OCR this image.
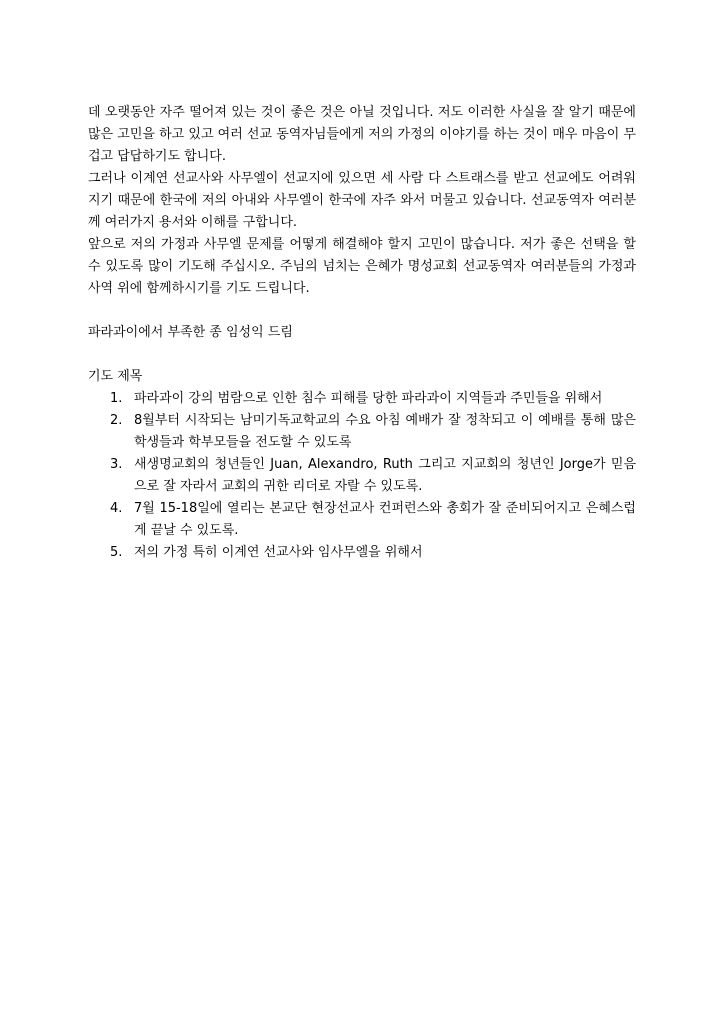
데 오랫동안 자주 떨어져 있는 것이 좋은 것은 아닐 것입니다. 저도 이러한 사실을 잘 알기 때문에 많은 고민을 하고 있고 여러 선교 동역자님들에게 저의 가정의 이야기를 하는 것이 매우 마음이 무겁고 답답하기도 합니다.

그러나 이계연 선교사와 사무엘이 선교지에 있으면 세 사람 다 스트래스를 받고 선교에도 어려워지기 때문에 한국에 저의 아내와 사무엘이 한국에 자주 와서 머물고 있습니다. 선교동역자 여러분께 여러가지 용서와 이해를 구합니다.

앞으로 저의 가정과 사무엘 문제를 어떻게 해결해야 할지 고민이 많습니다. 저가 좋은 선택을 할 수 있도록 많이 기도해 주십시오. 주님의 넘치는 은혜가 명성교회 선교동역자 여러분들의 가정과 사역 위에 함께하시기를 기도 드립니다.

파라과이에서 부족한 종 임성익 드림

기도 제목

1. 파라과이 강의 범람으로 인한 침수 피해를 당한 파라과이 지역들과 주민들을 위해서
2. 8월부터 시작되는 남미기독교학교의 수요 아침 예배가 잘 정착되고 이 예배를 통해 많은 학생들과 학부모들을 전도할 수 있도록
3. 새생명교회의 청년들인 Juan, Alexandro, Ruth 그리고 지교회의 청년인 Jorge가 믿음으로 잘 자라서 교회의 귀한 리더로 자랄 수 있도록.
4. 7월 15-18일에 열리는 본교단 현장선교사 컨퍼런스와 총회가 잘 준비되어지고 은혜스럽게 끝날 수 있도록.
5. 저의 가정 특히 이계연 선교사와 임사무엘을 위해서
